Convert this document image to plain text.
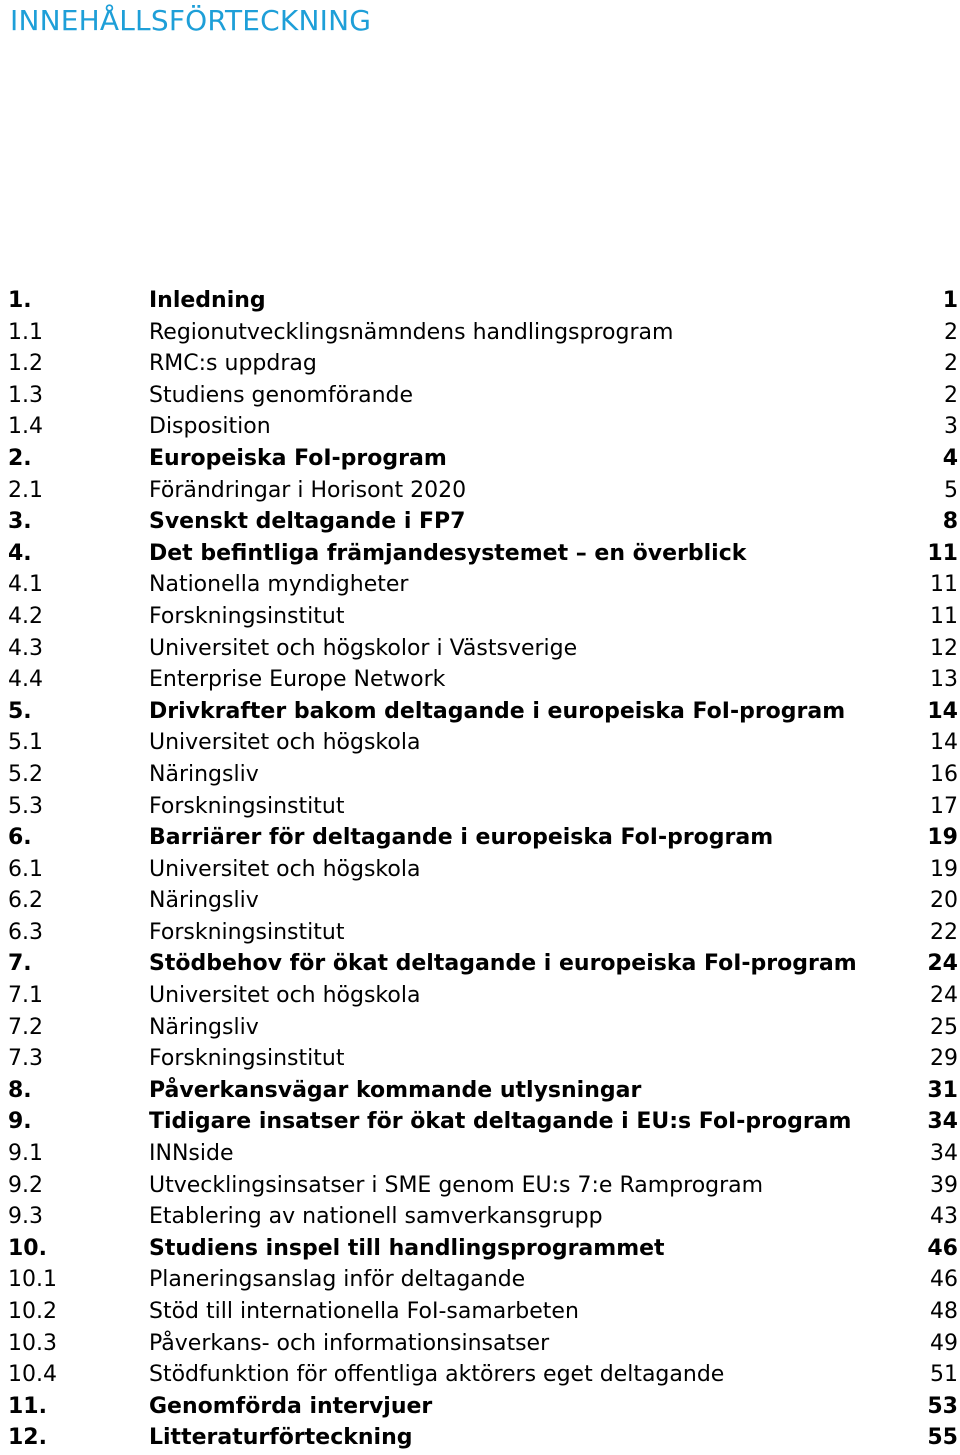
INNEHÅLLSFÖRTECKNING
1.	Inledning	1
1.1	Regionutvecklingsnämndens handlingsprogram	2
1.2	RMC:s uppdrag	2
1.3	Studiens genomförande	2
1.4	Disposition	3
2.	Europeiska FoI-program	4
2.1	Förändringar i Horisont 2020	5
3.	Svenskt deltagande i FP7	8
4.	Det befintliga främjandesystemet – en överblick	11
4.1	Nationella myndigheter	11
4.2	Forskningsinstitut	11
4.3	Universitet och högskolor i Västsverige	12
4.4	Enterprise Europe Network	13
5.	Drivkrafter bakom deltagande i europeiska FoI-program	14
5.1	Universitet och högskola	14
5.2	Näringsliv	16
5.3	Forskningsinstitut	17
6.	Barriärer för deltagande i europeiska FoI-program	19
6.1	Universitet och högskola	19
6.2	Näringsliv	20
6.3	Forskningsinstitut	22
7.	Stödbehov för ökat deltagande i europeiska FoI-program	24
7.1	Universitet och högskola	24
7.2	Näringsliv	25
7.3	Forskningsinstitut	29
8.	Påverkansvägar kommande utlysningar	31
9.	Tidigare insatser för ökat deltagande i EU:s FoI-program	34
9.1	INNside	34
9.2	Utvecklingsinsatser i SME genom EU:s 7:e Ramprogram	39
9.3	Etablering av nationell samverkansgrupp	43
10.	Studiens inspel till handlingsprogrammet	46
10.1	Planeringsanslag inför deltagande	46
10.2	Stöd till internationella FoI-samarbeten	48
10.3	Påverkans- och informationsinsatser	49
10.4	Stödfunktion för offentliga aktörers eget deltagande	51
11.	Genomförda intervjuer	53
12.	Litteraturförteckning	55
